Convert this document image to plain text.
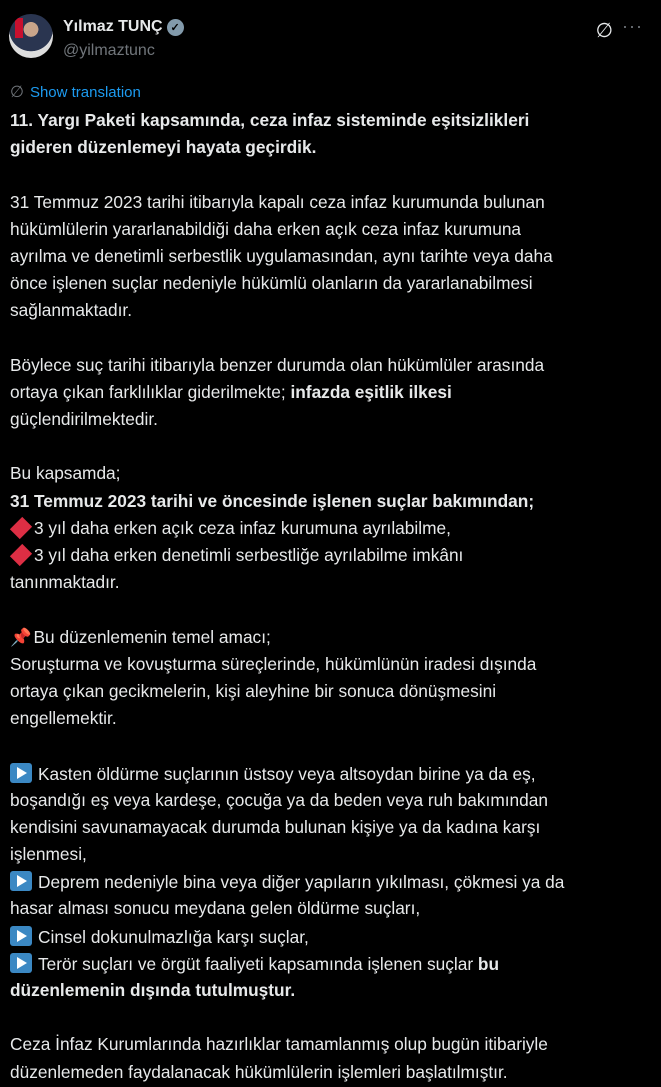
Yılmaz TUNÇ ✓
@yilmaztunc
∅ ···
∅ Show translation
11. Yargı Paketi kapsamında, ceza infaz sisteminde eşitsizlikleri
gideren düzenlemeyi hayata geçirdik.
31 Temmuz 2023 tarihi itibarıyla kapalı ceza infaz kurumunda bulunan
hükümlülerin yararlanabildiği daha erken açık ceza infaz kurumuna
ayrılma ve denetimli serbestlik uygulamasından, aynı tarihte veya daha
önce işlenen suçlar nedeniyle hükümlü olanların da yararlanabilmesi
sağlanmaktadır.
Böylece suç tarihi itibarıyla benzer durumda olan hükümlüler arasında
ortaya çıkan farklılıklar giderilmekte; infazda eşitlik ilkesi
güçlendirilmektedir.
Bu kapsamda;
31 Temmuz 2023 tarihi ve öncesinde işlenen suçlar bakımından;
3 yıl daha erken açık ceza infaz kurumuna ayrılabilme,
3 yıl daha erken denetimli serbestliğe ayrılabilme imkânı
tanınmaktadır.
📌 Bu düzenlemenin temel amacı;
Soruşturma ve kovuşturma süreçlerinde, hükümlünün iradesi dışında
ortaya çıkan gecikmelerin, kişi aleyhine bir sonuca dönüşmesini
engellemektir.
Kasten öldürme suçlarının üstsoy veya altsoydan birine ya da eş,
boşandığı eş veya kardeşe, çocuğa ya da beden veya ruh bakımından
kendisini savunamayacak durumda bulunan kişiye ya da kadına karşı
işlenmesi,
Deprem nedeniyle bina veya diğer yapıların yıkılması, çökmesi ya da
hasar alması sonucu meydana gelen öldürme suçları,
Cinsel dokunulmazlığa karşı suçlar,
Terör suçları ve örgüt faaliyeti kapsamında işlenen suçlar bu
düzenlemenin dışında tutulmuştur.
Ceza İnfaz Kurumlarında hazırlıklar tamamlanmış olup bugün itibariyle
düzenlemeden faydalanacak hükümlülerin işlemleri başlatılmıştır.
